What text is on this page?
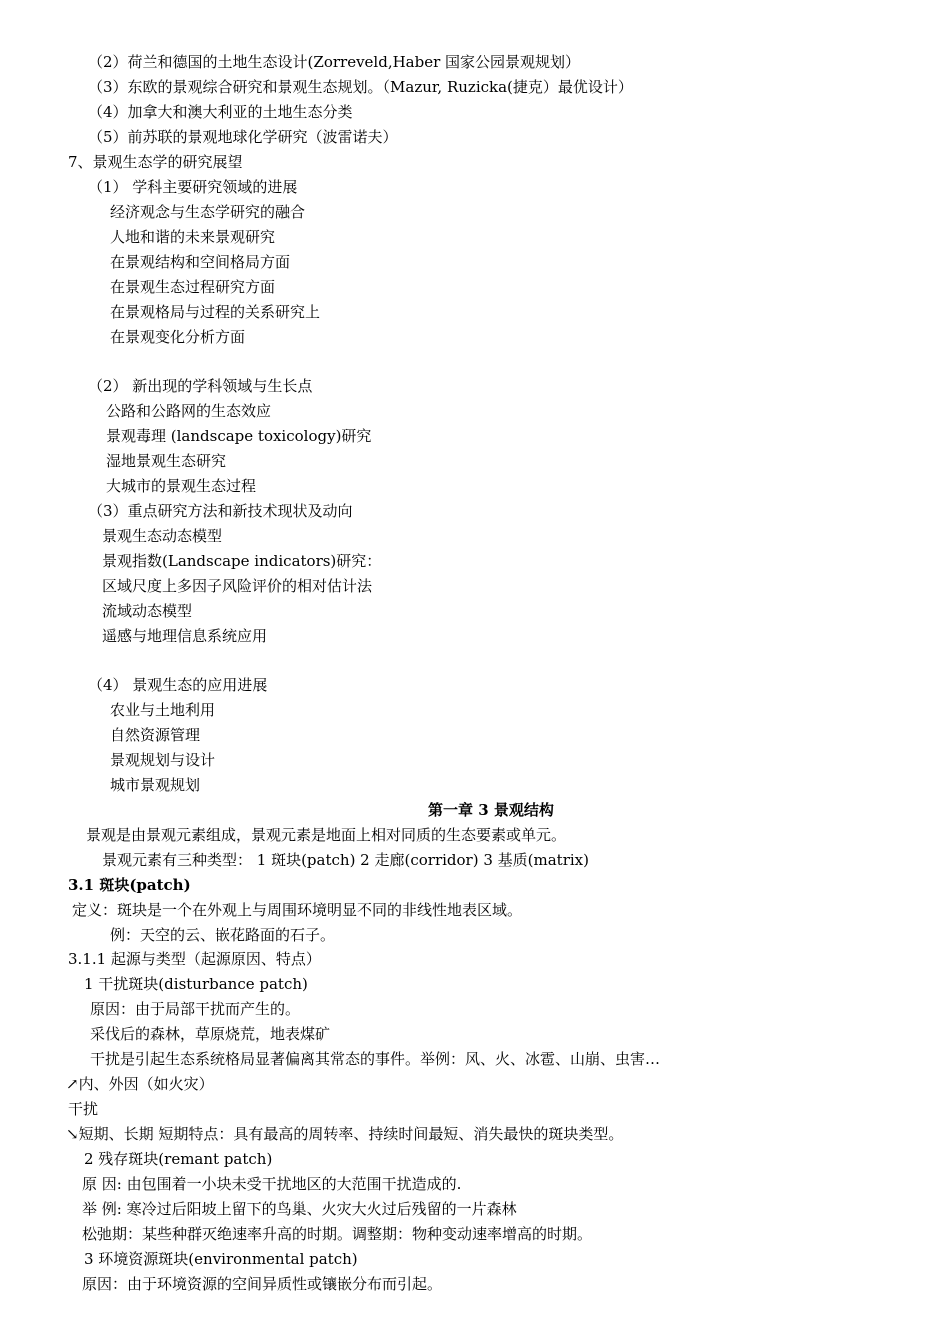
（2）荷兰和德国的土地生态设计(Zorreveld,Haber 国家公园景观规划）
（3）东欧的景观综合研究和景观生态规划。（Mazur, Ruzicka(捷克）最优设计）
（4）加拿大和澳大利亚的土地生态分类
（5）前苏联的景观地球化学研究（波雷诺夫）
7、景观生态学的研究展望
（1） 学科主要研究领域的进展
经济观念与生态学研究的融合
人地和谐的未来景观研究
在景观结构和空间格局方面
在景观生态过程研究方面
在景观格局与过程的关系研究上
在景观变化分析方面
（2） 新出现的学科领域与生长点
公路和公路网的生态效应
景观毒理 (landscape toxicology)研究
湿地景观生态研究
大城市的景观生态过程
（3）重点研究方法和新技术现状及动向
景观生态动态模型
景观指数(Landscape indicators)研究：
区域尺度上多因子风险评价的相对估计法
流域动态模型
遥感与地理信息系统应用
（4） 景观生态的应用进展
农业与土地利用
自然资源管理
景观规划与设计
城市景观规划
第一章 3 景观结构
景观是由景观元素组成，景观元素是地面上相对同质的生态要素或单元。
景观元素有三种类型： 1 斑块(patch) 2 走廊(corridor) 3 基质(matrix)
3.1 斑块(patch)
定义：斑块是一个在外观上与周围环境明显不同的非线性地表区域。
例：天空的云、嵌花路面的石子。
3.1.1 起源与类型（起源原因、特点）
1 干扰斑块(disturbance patch)
原因：由于局部干扰而产生的。
采伐后的森林，草原烧荒，地表煤矿
干扰是引起生态系统格局显著偏离其常态的事件。举例：风、火、冰雹、山崩、虫害…
↗内、外因（如火灾）
干扰
↘短期、长期 短期特点：具有最高的周转率、持续时间最短、消失最快的斑块类型。
2 残存斑块(remant patch)
原 因: 由包围着一小块未受干扰地区的大范围干扰造成的.
举 例: 寒冷过后阳坡上留下的鸟巢、火灾大火过后残留的一片森林
松弛期：某些种群灭绝速率升高的时期。调整期：物种变动速率增高的时期。
3 环境资源斑块(environmental patch)
原因：由于环境资源的空间异质性或镶嵌分布而引起。
